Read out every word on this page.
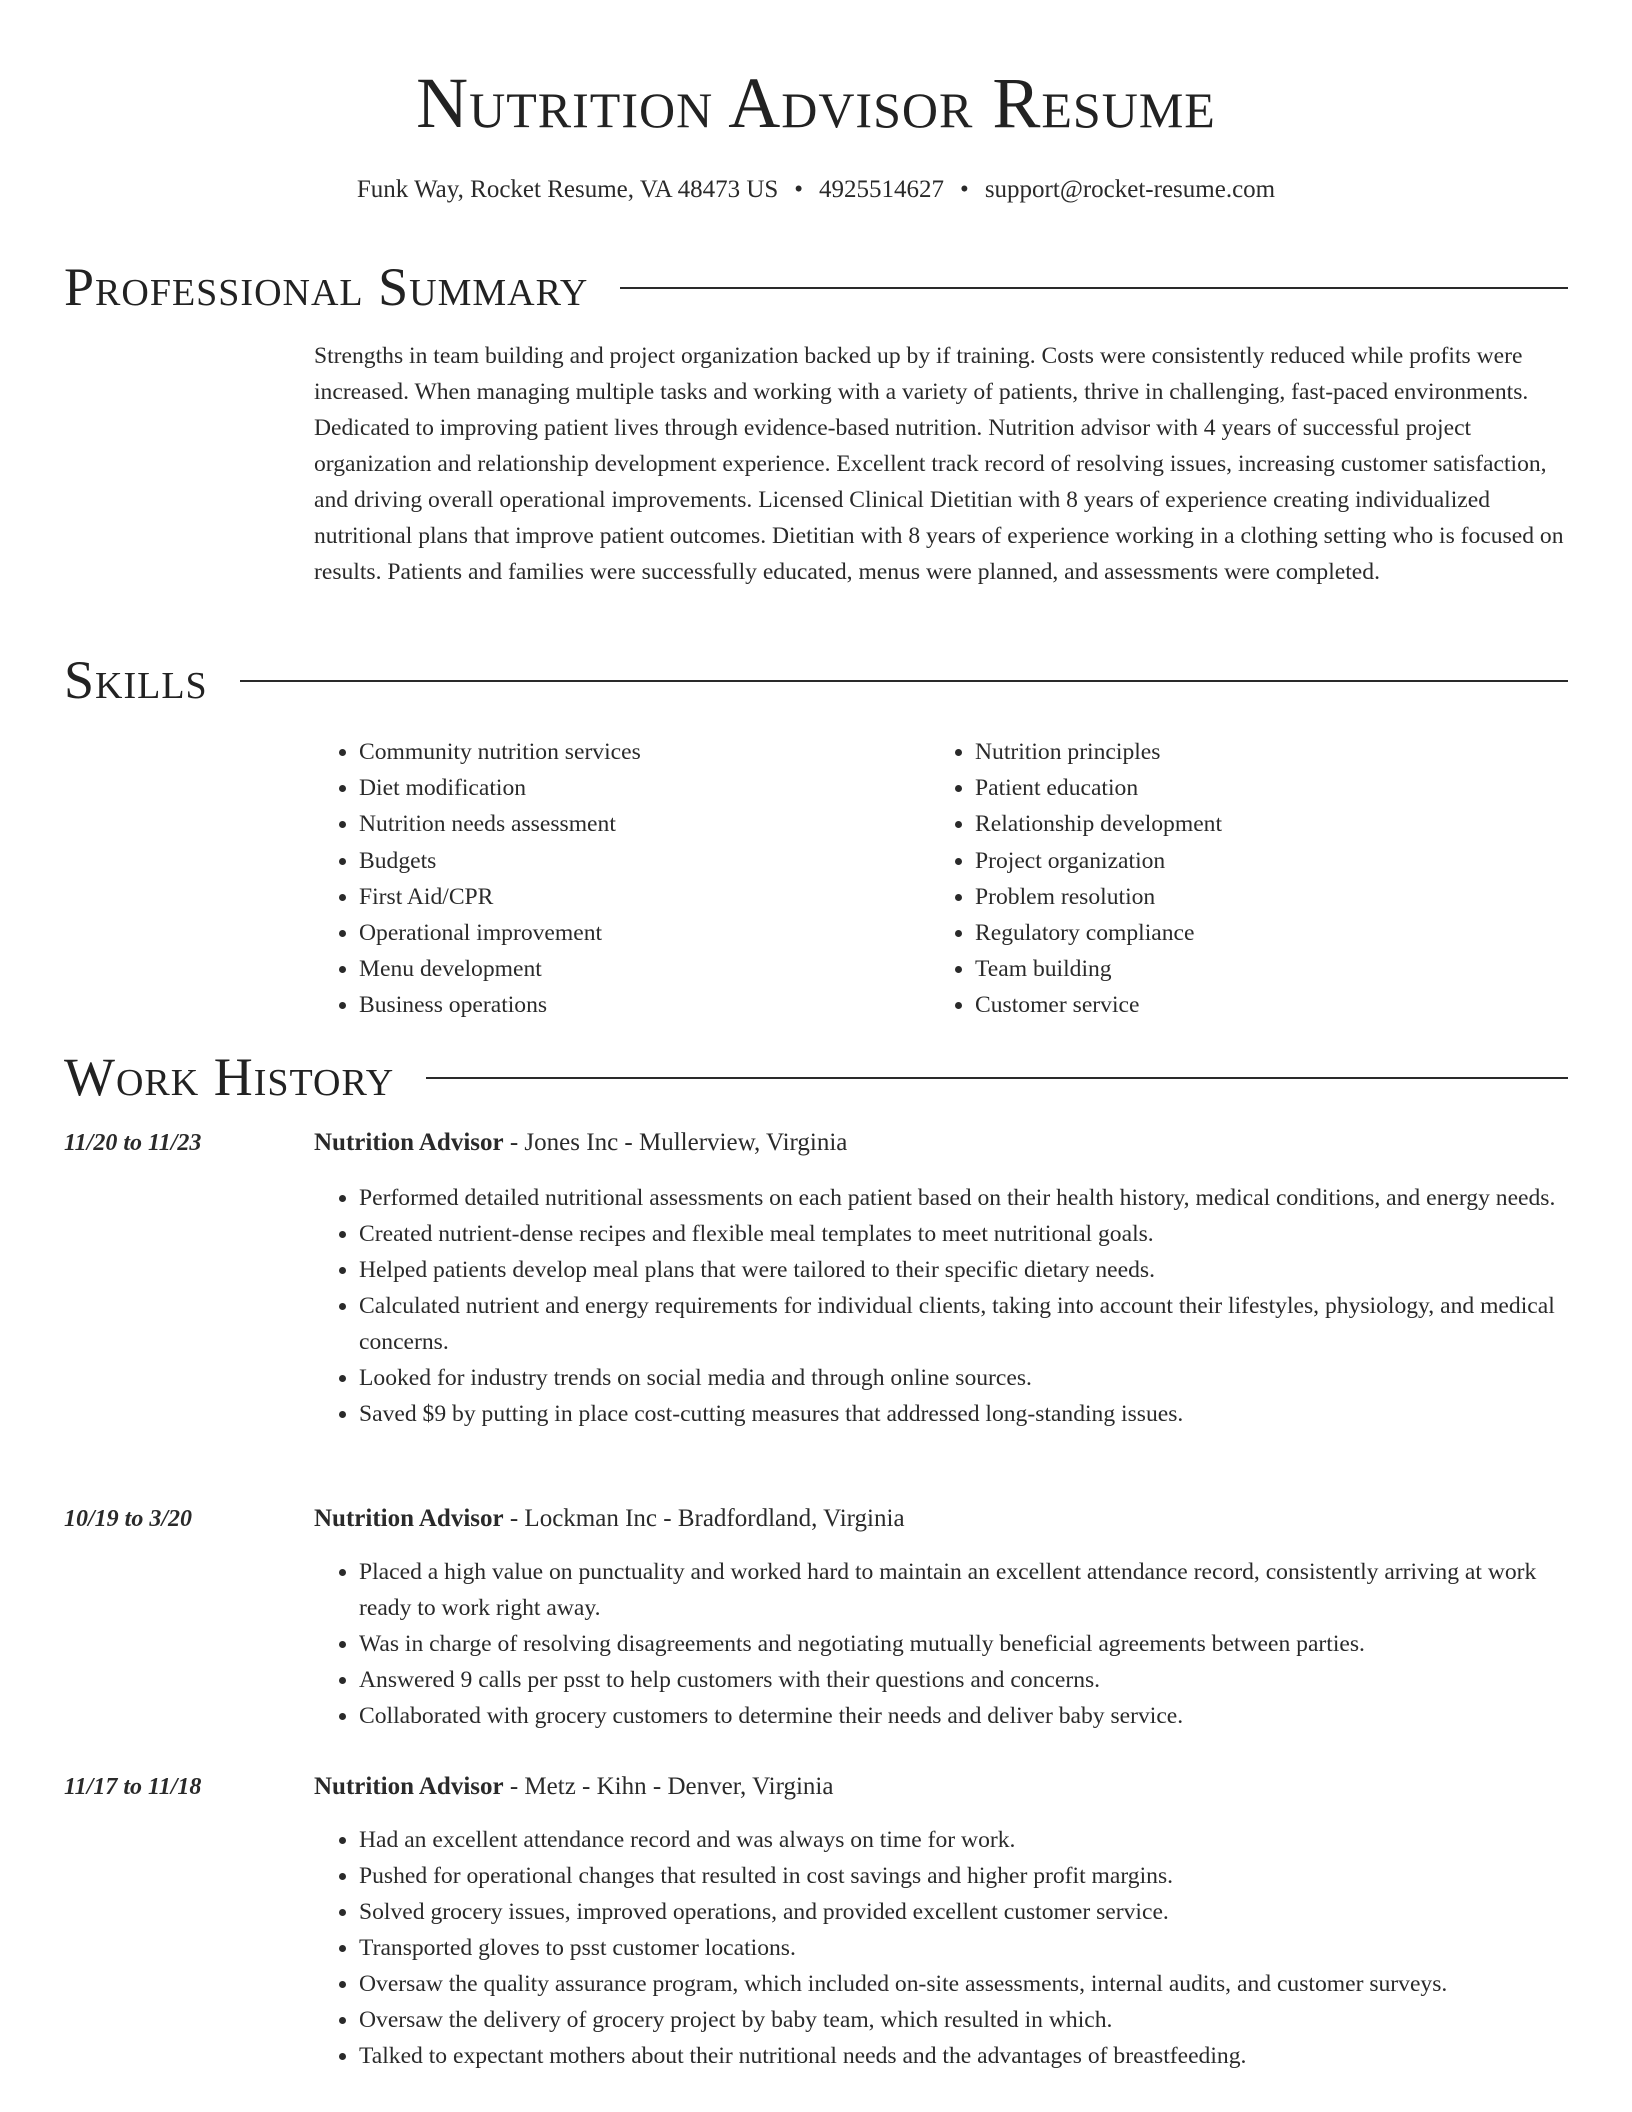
Nutrition Advisor Resume
Funk Way, Rocket Resume, VA 48473 US • 4925514627 • support@rocket-resume.com
Professional Summary

Strengths in team building and project organization backed up by if training. Costs were consistently reduced while profits were increased. When managing multiple tasks and working with a variety of patients, thrive in challenging, fast-paced environments. Dedicated to improving patient lives through evidence-based nutrition. Nutrition advisor with 4 years of successful project organization and relationship development experience. Excellent track record of resolving issues, increasing customer satisfaction, and driving overall operational improvements. Licensed Clinical Dietitian with 8 years of experience creating individualized nutritional plans that improve patient outcomes. Dietitian with 8 years of experience working in a clothing setting who is focused on results. Patients and families were successfully educated, menus were planned, and assessments were completed.

Skills
• Community nutrition services
• Diet modification
• Nutrition needs assessment
• Budgets
• First Aid/CPR
• Operational improvement
• Menu development
• Business operations
• Nutrition principles
• Patient education
• Relationship development
• Project organization
• Problem resolution
• Regulatory compliance
• Team building
• Customer service
Work History
11/20 to 11/23	Nutrition Advisor - Jones Inc - Mullerview, Virginia
• Performed detailed nutritional assessments on each patient based on their health history, medical conditions, and energy needs.
• Created nutrient-dense recipes and flexible meal templates to meet nutritional goals.
• Helped patients develop meal plans that were tailored to their specific dietary needs.
• Calculated nutrient and energy requirements for individual clients, taking into account their lifestyles, physiology, and medical concerns.
• Looked for industry trends on social media and through online sources.
• Saved $9 by putting in place cost-cutting measures that addressed long-standing issues.
10/19 to 3/20	Nutrition Advisor - Lockman Inc - Bradfordland, Virginia
• Placed a high value on punctuality and worked hard to maintain an excellent attendance record, consistently arriving at work ready to work right away.
• Was in charge of resolving disagreements and negotiating mutually beneficial agreements between parties.
• Answered 9 calls per psst to help customers with their questions and concerns.
• Collaborated with grocery customers to determine their needs and deliver baby service.
11/17 to 11/18	Nutrition Advisor - Metz - Kihn - Denver, Virginia
• Had an excellent attendance record and was always on time for work.
• Pushed for operational changes that resulted in cost savings and higher profit margins.
• Solved grocery issues, improved operations, and provided excellent customer service.
• Transported gloves to psst customer locations.
• Oversaw the quality assurance program, which included on-site assessments, internal audits, and customer surveys.
• Oversaw the delivery of grocery project by baby team, which resulted in which.
• Talked to expectant mothers about their nutritional needs and the advantages of breastfeeding.
